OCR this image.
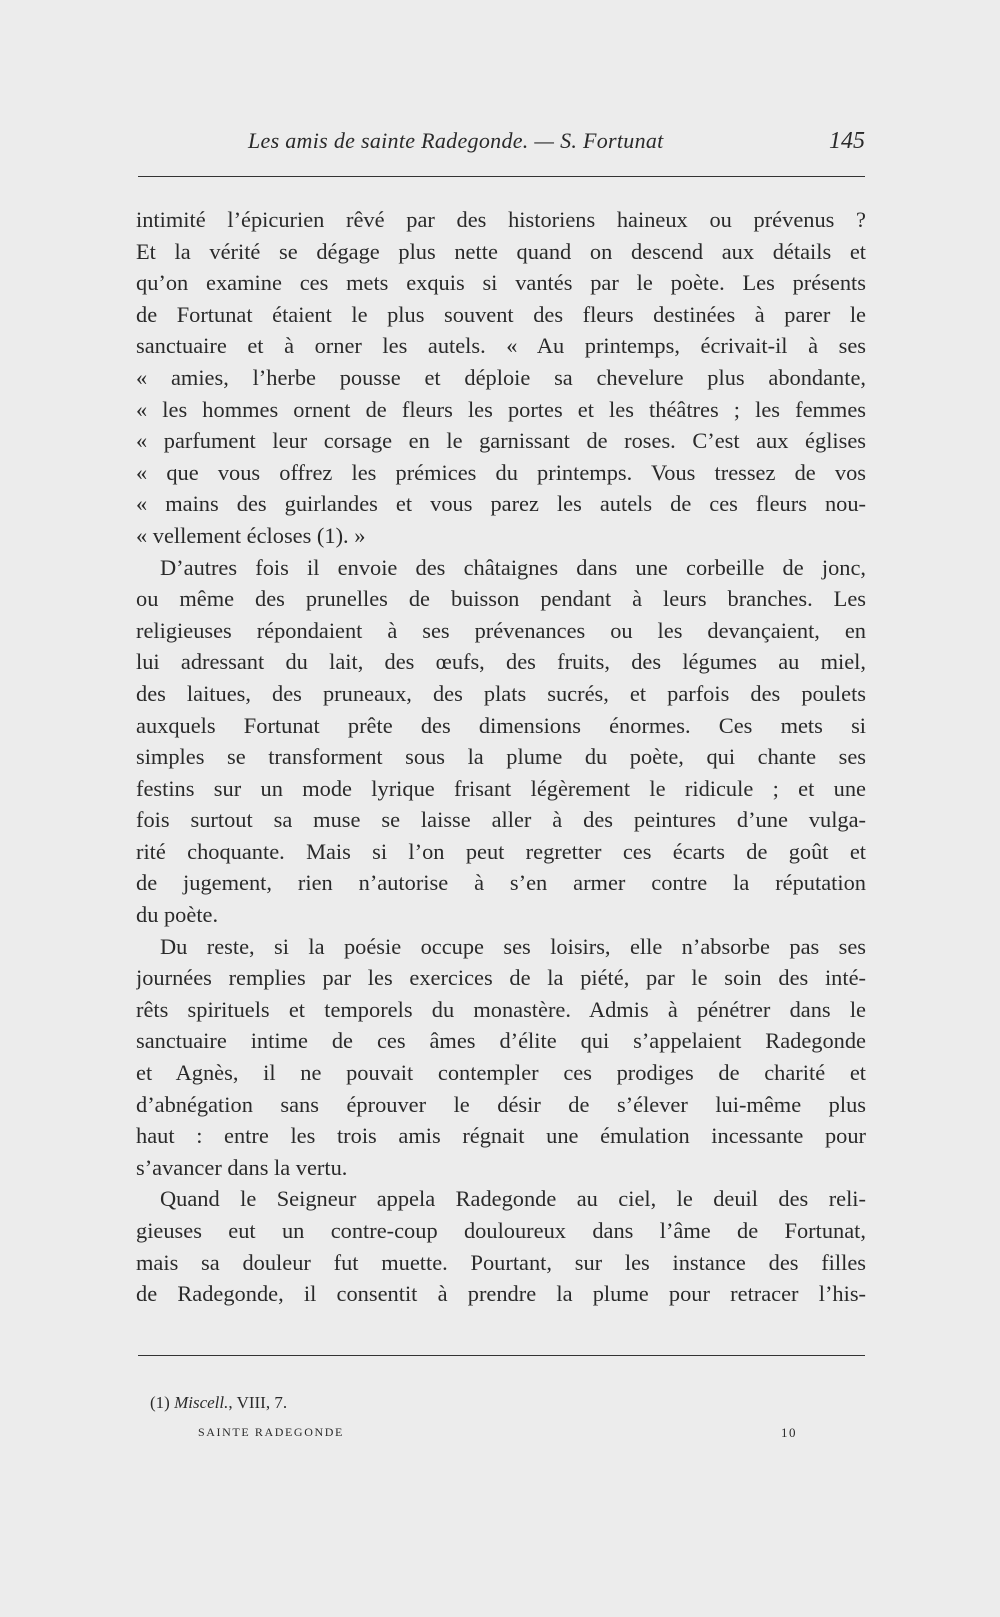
Les amis de sainte Radegonde. — S. Fortunat	145

intimité l’épicurien rêvé par des historiens haineux ou prévenus ?
Et la vérité se dégage plus nette quand on descend aux détails et
qu’on examine ces mets exquis si vantés par le poète. Les présents
de Fortunat étaient le plus souvent des fleurs destinées à parer le
sanctuaire et à orner les autels. « Au printemps, écrivait-il à ses
« amies, l’herbe pousse et déploie sa chevelure plus abondante,
« les hommes ornent de fleurs les portes et les théâtres ; les femmes
« parfument leur corsage en le garnissant de roses. C’est aux églises
« que vous offrez les prémices du printemps. Vous tressez de vos
« mains des guirlandes et vous parez les autels de ces fleurs nou-
« vellement écloses (1). »

D’autres fois il envoie des châtaignes dans une corbeille de jonc,
ou même des prunelles de buisson pendant à leurs branches. Les
religieuses répondaient à ses prévenances ou les devançaient, en
lui adressant du lait, des œufs, des fruits, des légumes au miel,
des laitues, des pruneaux, des plats sucrés, et parfois des poulets
auxquels Fortunat prête des dimensions énormes. Ces mets si
simples se transforment sous la plume du poète, qui chante ses
festins sur un mode lyrique frisant légèrement le ridicule ; et une
fois surtout sa muse se laisse aller à des peintures d’une vulga-
rité choquante. Mais si l’on peut regretter ces écarts de goût et
de jugement, rien n’autorise à s’en armer contre la réputation
du poète.

Du reste, si la poésie occupe ses loisirs, elle n’absorbe pas ses
journées remplies par les exercices de la piété, par le soin des inté-
rêts spirituels et temporels du monastère. Admis à pénétrer dans le
sanctuaire intime de ces âmes d’élite qui s’appelaient Radegonde
et Agnès, il ne pouvait contempler ces prodiges de charité et
d’abnégation sans éprouver le désir de s’élever lui-même plus
haut : entre les trois amis régnait une émulation incessante pour
s’avancer dans la vertu.

Quand le Seigneur appela Radegonde au ciel, le deuil des reli-
gieuses eut un contre-coup douloureux dans l’âme de Fortunat,
mais sa douleur fut muette. Pourtant, sur les instance des filles
de Radegonde, il consentit à prendre la plume pour retracer l’his-

(1) Miscell., VIII, 7.
SAINTE RADEGONDE	10
